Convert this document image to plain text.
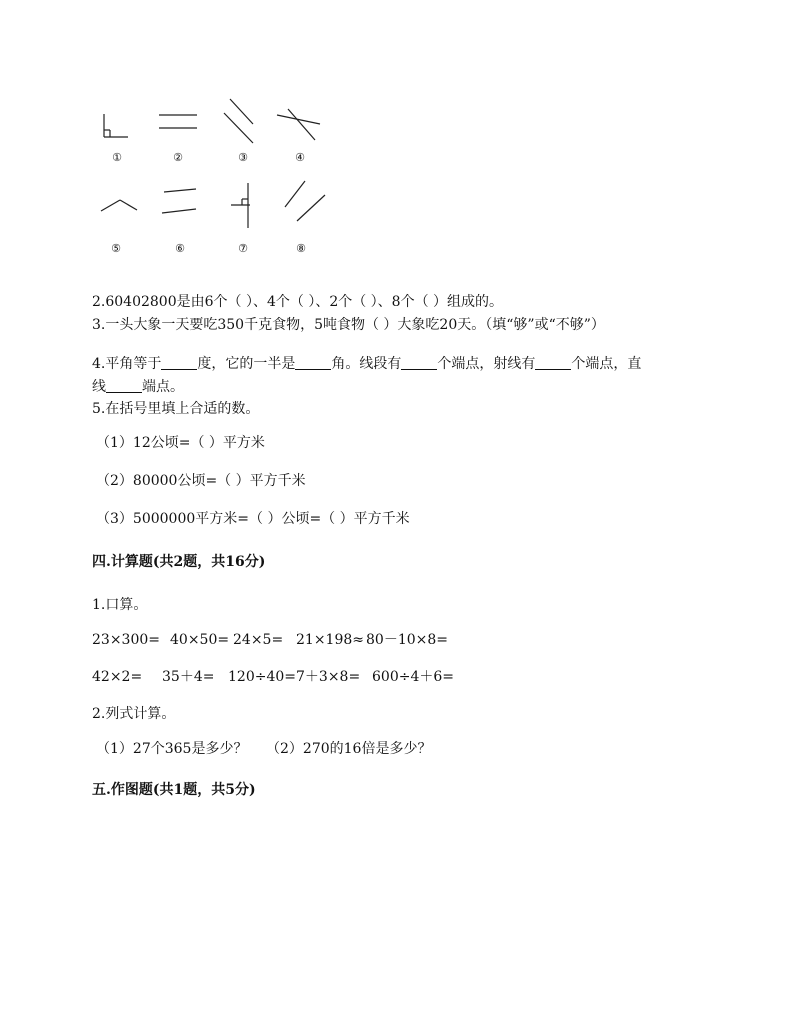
①	②	③	④
⑤	⑥	⑦	⑧
2.60402800是由6个（ ）、4个（ ）、2个（ ）、8个（ ）组成的。
3.一头大象一天要吃350千克食物，5吨食物（ ）大象吃20天。（填“够”或“不够”）
4.平角等于	度，它的一半是	角。线段有	个端点，射线有	个端点，直
线	端点。
5.在括号里填上合适的数。
（1）12公顷=（ ）平方米
（2）80000公顷=（ ）平方千米
（3）5000000平方米=（ ）公顷=（ ）平方千米
四.计算题(共2题，共16分)
1.口算。
23×300= 40×50= 24×5= 21×198≈ 80－10×8=
42×2= 35＋4= 120÷40= 7＋3×8= 600÷4＋6=
2.列式计算。
（1）27个365是多少？ （2）270的16倍是多少？
五.作图题(共1题，共5分)
